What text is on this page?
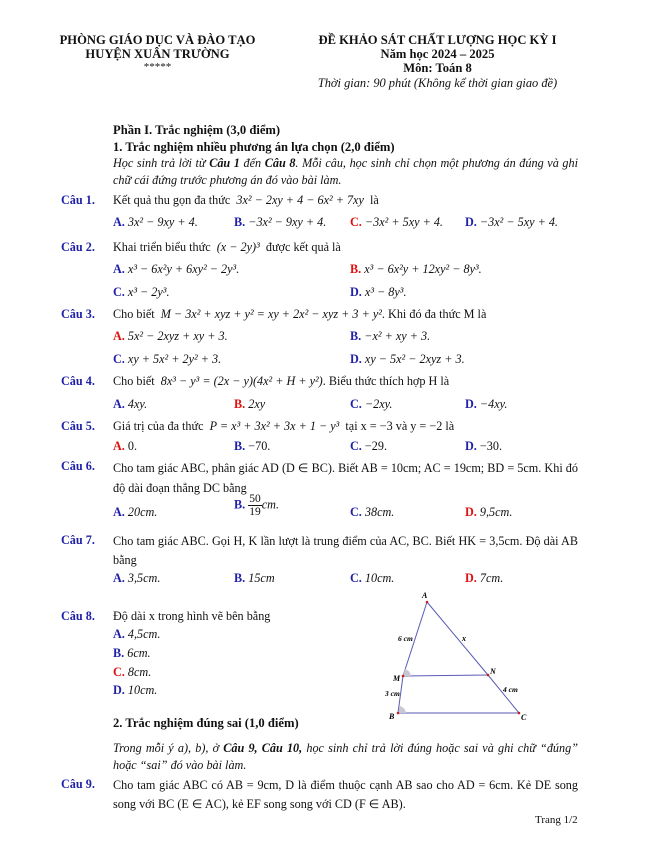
PHÒNG GIÁO DỤC VÀ ĐÀO TẠO
HUYỆN XUÂN TRƯỜNG
*****
ĐỀ KHẢO SÁT CHẤT LƯỢNG HỌC KỲ I
Năm học 2024 – 2025
Môn: Toán 8
Thời gian: 90 phút (Không kể thời gian giao đề)
Phần I. Trắc nghiệm (3,0 điểm)
1. Trắc nghiệm nhiều phương án lựa chọn (2,0 điểm)
Học sinh trả lời từ Câu 1 đến Câu 8. Mỗi câu, học sinh chỉ chọn một phương án đúng và ghi chữ cái đứng trước phương án đó vào bài làm.
Câu 1. Kết quả thu gọn đa thức 3x² − 2xy + 4 − 6x² + 7xy là
A. 3x² − 9xy + 4.	B. −3x² − 9xy + 4. C. −3x² + 5xy + 4. D. −3x² − 5xy + 4.
Câu 2. Khai triển biểu thức (x − 2y)³ được kết quả là
A. x³ − 6x²y + 6xy² − 2y³.	B. x³ − 6x²y + 12xy² − 8y³.
C. x³ − 2y³.	D. x³ − 8y³.
Câu 3. Cho biết M − 3x² + xyz + y² = xy + 2x² − xyz + 3 + y². Khi đó đa thức M là
A. 5x² − 2xyz + xy + 3.	B. −x² + xy + 3.
C. xy + 5x² + 2y² + 3.	D. xy − 5x² − 2xyz + 3.
Câu 4. Cho biết 8x³ − y³ = (2x − y)(4x² + H + y²). Biểu thức thích hợp H là
A. 4xy.	B. 2xy	C. −2xy.	D. −4xy.
Câu 5. Giá trị của đa thức P = x³ + 3x² + 3x + 1 − y³ tại x = −3 và y = −2 là
A. 0.	B. −70.	C. −29.	D. −30.
Câu 6. Cho tam giác ABC, phân giác AD (D ∈ BC). Biết AB = 10cm; AC = 19cm; BD = 5cm. Khi đó độ dài đoạn thẳng DC bằng
A. 20cm.
B. $\frac{50}{19}$ cm.
C. 38cm.	D. 9,5cm.
Câu 7. Cho tam giác ABC. Gọi H, K lần lượt là trung điểm của AC, BC. Biết HK = 3,5cm. Độ dài AB bằng
A. 3,5cm.	B. 15cm	C. 10cm.	D. 7cm.
Câu 8. Độ dài x trong hình vẽ bên bằng
A. 4,5cm.
B. 6cm.
C. 8cm.
D. 10cm.
A
M
B	C
N
6 cm
3 cm	4 cm
x
2. Trắc nghiệm đúng sai (1,0 điểm)
Trong mỗi ý a), b), ở Câu 9, Câu 10, học sinh chỉ trả lời đúng hoặc sai và ghi chữ “đúng” hoặc “sai” đó vào bài làm.
Câu 9. Cho tam giác ABC có AB = 9cm, D là điểm thuộc cạnh AB sao cho AD = 6cm. Kẻ DE song song với BC (E ∈ AC), kẻ EF song song với CD (F ∈ AB).
Trang 1/2
